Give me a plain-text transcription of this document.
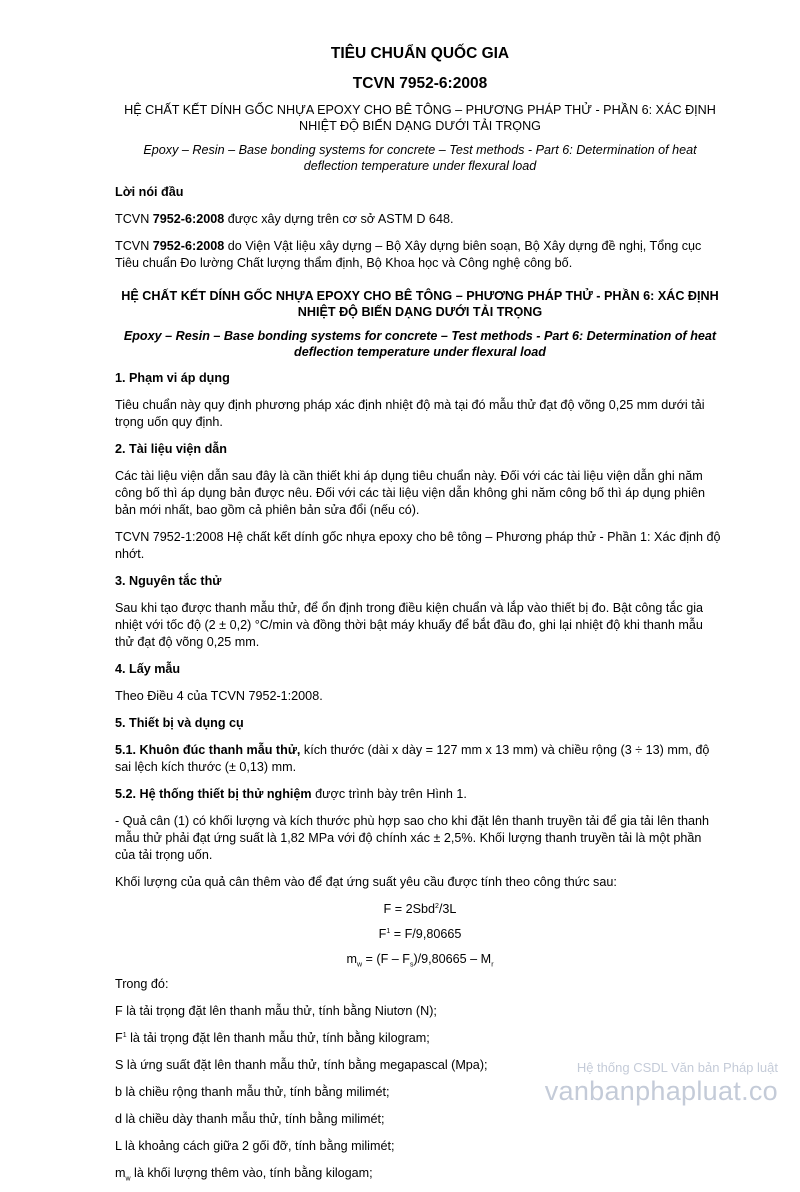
TIÊU CHUẨN QUỐC GIA
TCVN 7952-6:2008
HỆ CHẤT KẾT DÍNH GỐC NHỰA EPOXY CHO BÊ TÔNG – PHƯƠNG PHÁP THỬ - PHẦN 6: XÁC ĐỊNH NHIỆT ĐỘ BIẾN DẠNG DƯỚI TẢI TRỌNG
Epoxy – Resin – Base bonding systems for concrete – Test methods - Part 6: Determination of heat deflection temperature under flexural load
Lời nói đầu
TCVN 7952-6:2008 được xây dựng trên cơ sở ASTM D 648.
TCVN 7952-6:2008 do Viện Vật liệu xây dựng – Bộ Xây dựng biên soạn, Bộ Xây dựng đề nghị, Tổng cục Tiêu chuẩn Đo lường Chất lượng thẩm định, Bộ Khoa học và Công nghệ công bố.
HỆ CHẤT KẾT DÍNH GỐC NHỰA EPOXY CHO BÊ TÔNG – PHƯƠNG PHÁP THỬ - PHẦN 6: XÁC ĐỊNH NHIỆT ĐỘ BIẾN DẠNG DƯỚI TẢI TRỌNG
Epoxy – Resin – Base bonding systems for concrete – Test methods - Part 6: Determination of heat deflection temperature under flexural load
1. Phạm vi áp dụng
Tiêu chuẩn này quy định phương pháp xác định nhiệt độ mà tại đó mẫu thử đạt độ võng 0,25 mm dưới tải trọng uốn quy định.
2. Tài liệu viện dẫn
Các tài liệu viện dẫn sau đây là cần thiết khi áp dụng tiêu chuẩn này. Đối với các tài liệu viện dẫn ghi năm công bố thì áp dụng bản được nêu. Đối với các tài liệu viện dẫn không ghi năm công bố thì áp dụng phiên bản mới nhất, bao gồm cả phiên bản sửa đổi (nếu có).
TCVN 7952-1:2008 Hệ chất kết dính gốc nhựa epoxy cho bê tông – Phương pháp thử - Phần 1: Xác định độ nhớt.
3. Nguyên tắc thử
Sau khi tạo được thanh mẫu thử, để ổn định trong điều kiện chuẩn và lắp vào thiết bị đo. Bật công tắc gia nhiệt với tốc độ (2 ± 0,2) °C/min và đồng thời bật máy khuấy để bắt đầu đo, ghi lại nhiệt độ khi thanh mẫu thử đạt độ võng 0,25 mm.
4. Lấy mẫu
Theo Điều 4 của TCVN 7952-1:2008.
5. Thiết bị và dụng cụ
5.1. Khuôn đúc thanh mẫu thử, kích thước (dài x dày = 127 mm x 13 mm) và chiều rộng (3 ÷ 13) mm, độ sai lệch kích thước (± 0,13) mm.
5.2. Hệ thống thiết bị thử nghiệm được trình bày trên Hình 1.
- Quả cân (1) có khối lượng và kích thước phù hợp sao cho khi đặt lên thanh truyền tải để gia tải lên thanh mẫu thử phải đạt ứng suất là 1,82 MPa với độ chính xác ± 2,5%. Khối lượng thanh truyền tải là một phần của tải trọng uốn.
Khối lượng của quả cân thêm vào để đạt ứng suất yêu cầu được tính theo công thức sau:
F = 2Sbd$^2$/3L
$F^1 = F/9,80665$
$m_w = (F - F_s)/9,80665 - M_r$
Trong đó:
F là tải trọng đặt lên thanh mẫu thử, tính bằng Niutơn (N);
$F^1$ là tải trọng đặt lên thanh mẫu thử, tính bằng kilogram;
S là ứng suất đặt lên thanh mẫu thử, tính bằng megapascal (Mpa);
b là chiều rộng thanh mẫu thử, tính bằng milimét;
d là chiều dày thanh mẫu thử, tính bằng milimét;
L là khoảng cách giữa 2 gối đỡ, tính bằng milimét;
$m_w$ là khối lượng thêm vào, tính bằng kilogam;
Hệ thống CSDL Văn bản Pháp luật
vanbanphapluat.co
